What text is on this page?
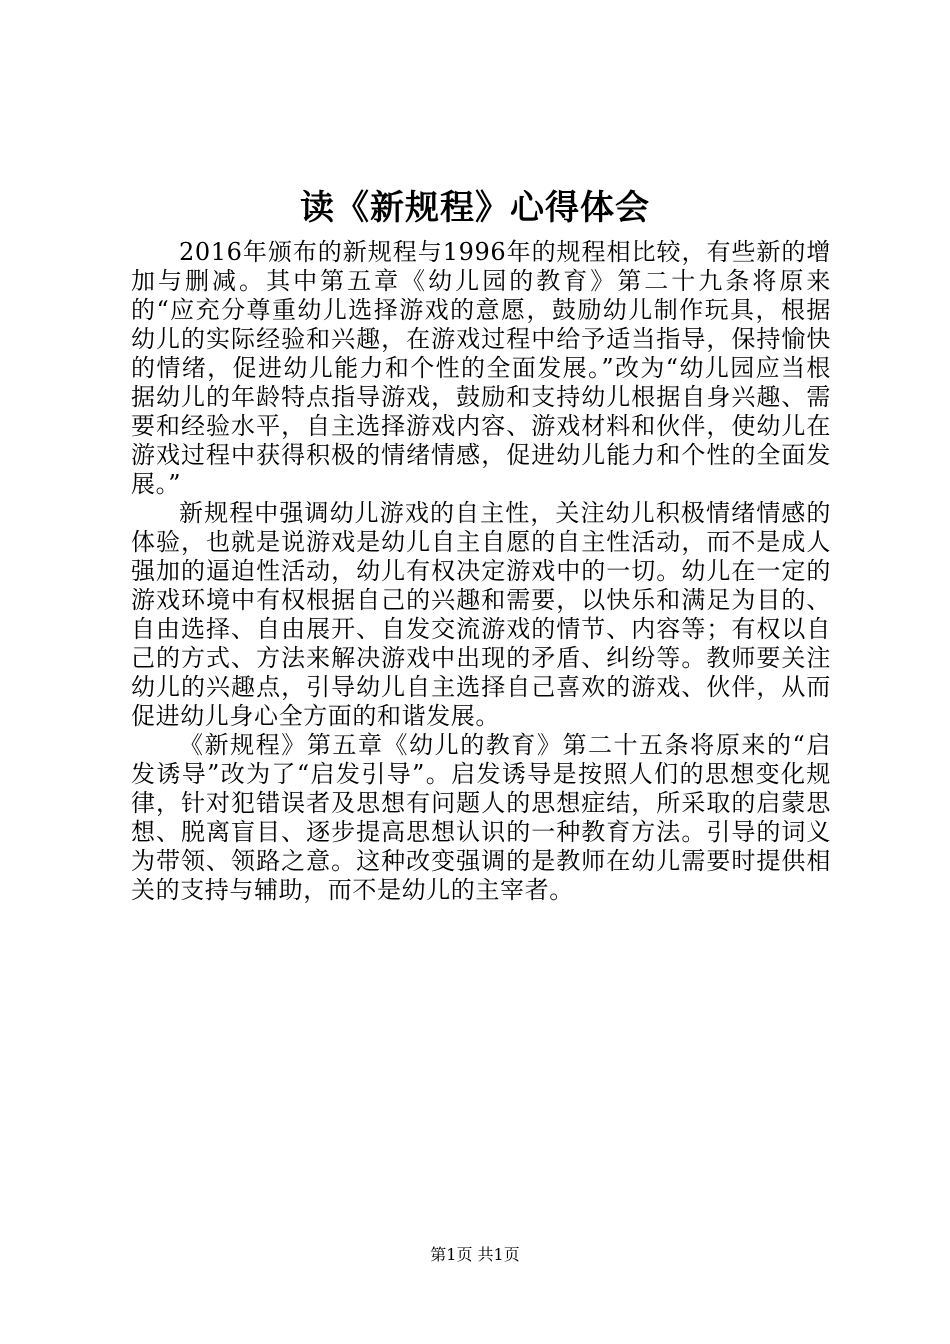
读《新规程》心得体会

2016年颁布的新规程与1996年的规程相比较，有些新的增加与删减。其中第五章《幼儿园的教育》第二十九条将原来的“应充分尊重幼儿选择游戏的意愿，鼓励幼儿制作玩具，根据幼儿的实际经验和兴趣，在游戏过程中给予适当指导，保持愉快的情绪，促进幼儿能力和个性的全面发展。”改为“幼儿园应当根据幼儿的年龄特点指导游戏，鼓励和支持幼儿根据自身兴趣、需要和经验水平，自主选择游戏内容、游戏材料和伙伴，使幼儿在游戏过程中获得积极的情绪情感，促进幼儿能力和个性的全面发展。”

新规程中强调幼儿游戏的自主性，关注幼儿积极情绪情感的体验，也就是说游戏是幼儿自主自愿的自主性活动，而不是成人强加的逼迫性活动，幼儿有权决定游戏中的一切。幼儿在一定的游戏环境中有权根据自己的兴趣和需要，以快乐和满足为目的、自由选择、自由展开、自发交流游戏的情节、内容等；有权以自己的方式、方法来解决游戏中出现的矛盾、纠纷等。教师要关注幼儿的兴趣点，引导幼儿自主选择自己喜欢的游戏、伙伴，从而促进幼儿身心全方面的和谐发展。

《新规程》第五章《幼儿的教育》第二十五条将原来的“启发诱导”改为了“启发引导”。启发诱导是按照人们的思想变化规律，针对犯错误者及思想有问题人的思想症结，所采取的启蒙思想、脱离盲目、逐步提高思想认识的一种教育方法。引导的词义为带领、领路之意。这种改变强调的是教师在幼儿需要时提供相关的支持与辅助，而不是幼儿的主宰者。

第1页 共1页
